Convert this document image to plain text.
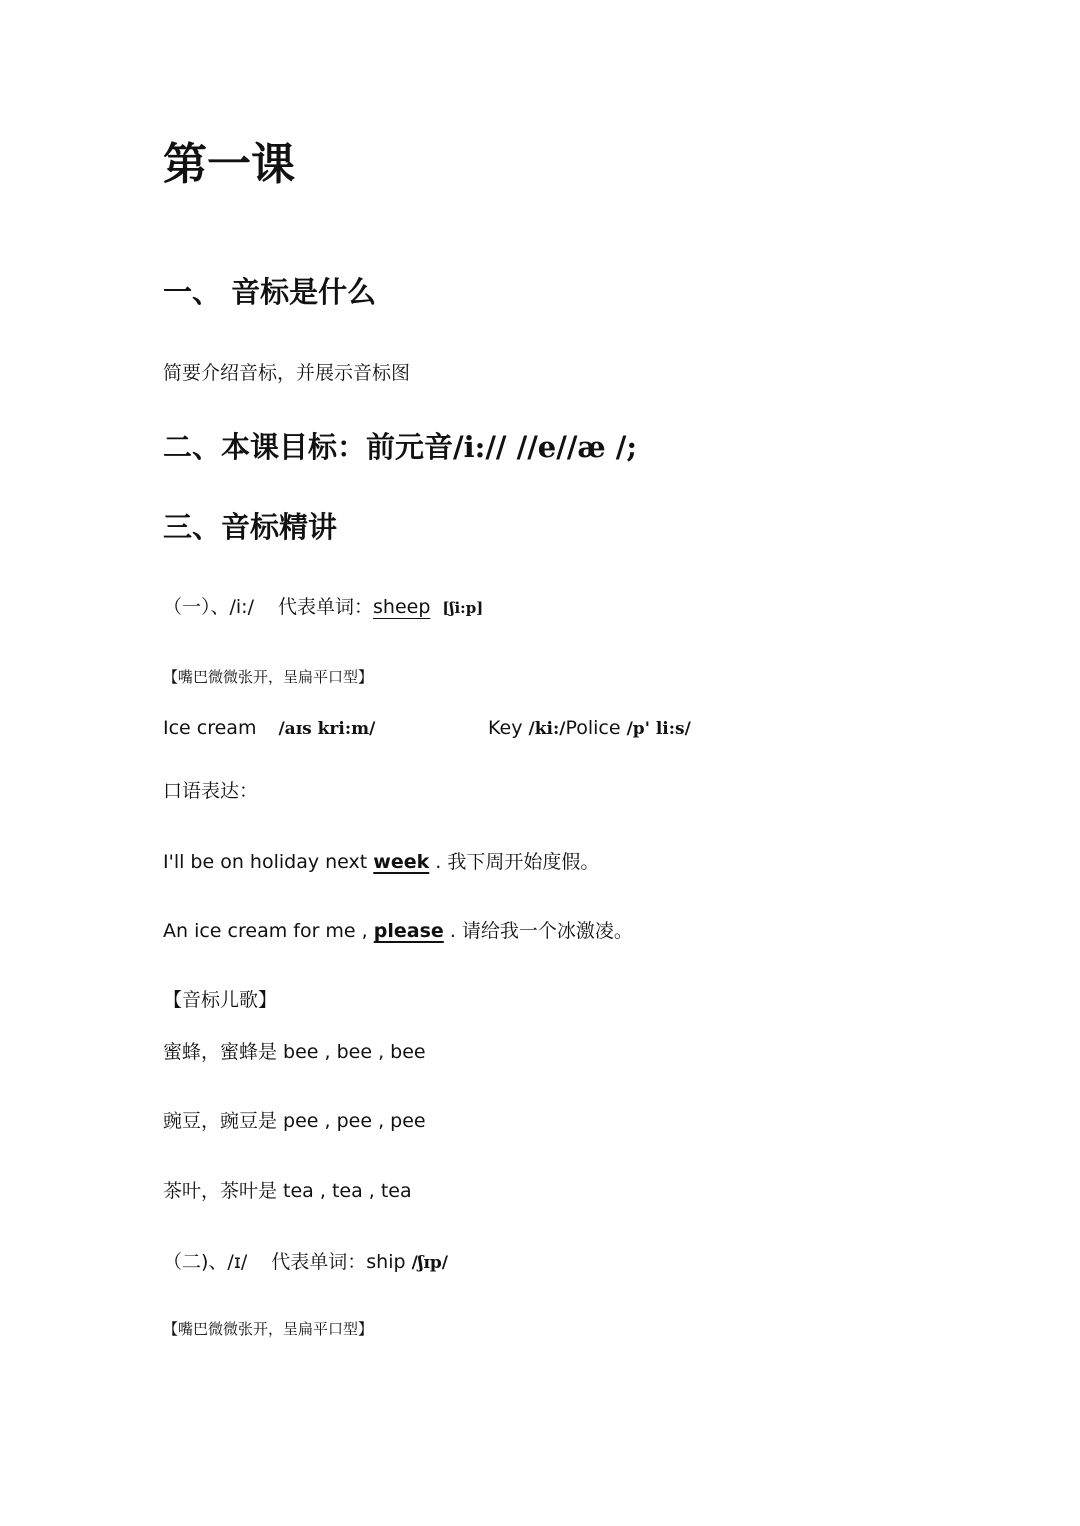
第一课
一、 音标是什么
简要介绍音标，并展示音标图
二、本课目标：前元音/i:// //e//æ /;
三、音标精讲
（一）、/i:/ 代表单词：sheep [ʃi:p]
【嘴巴微微张开，呈扁平口型】
Ice cream /aɪs kri:m/	Key /ki:/Police /p' li:s/
口语表达：
I'll be on holiday next week . 我下周开始度假。
An ice cream for me , please . 请给我一个冰激凌。
【音标儿歌】
蜜蜂，蜜蜂是 bee , bee , bee
豌豆，豌豆是 pee , pee , pee
茶叶，茶叶是 tea , tea , tea
（二)、/ɪ/ 代表单词：ship /ʃɪp/
【嘴巴微微张开，呈扁平口型】
